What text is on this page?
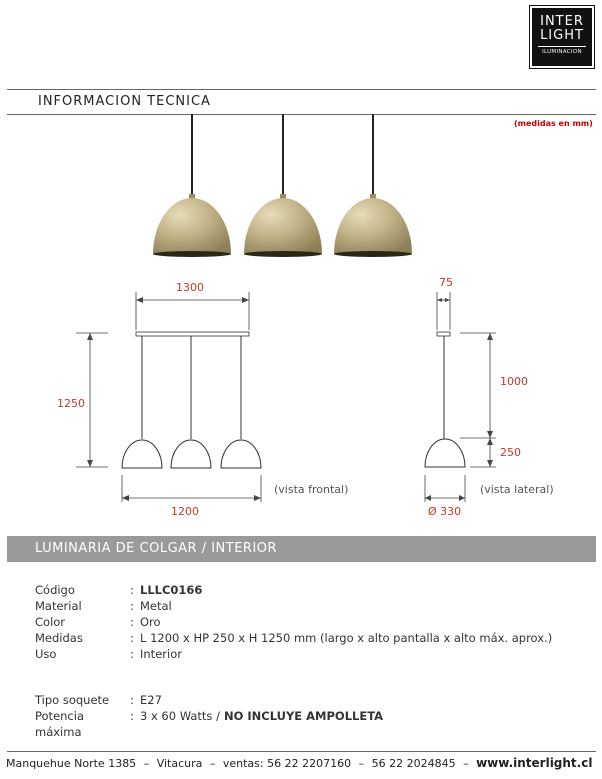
INTER
LIGHT
ILUMINACION
INFORMACION TECNICA
(medidas en mm)
1300
1250
1200
(vista frontal)
75
1000
250
Ø 330
(vista lateral)
LUMINARIA DE COLGAR / INTERIOR
Código	: LLLC0166
Material	: Metal
Color	: Oro
Medidas	: L 1200 x HP 250 x H 1250 mm (largo x alto pantalla x alto máx. aprox.)
Uso	: Interior
Tipo soquete	: E27
Potencia máxima
: 3 x 60 Watts / NO INCLUYE AMPOLLETA
Manquehue Norte 1385 – Vitacura – ventas: 56 22 2207160 – 56 22 2024845 – www.interlight.cl
